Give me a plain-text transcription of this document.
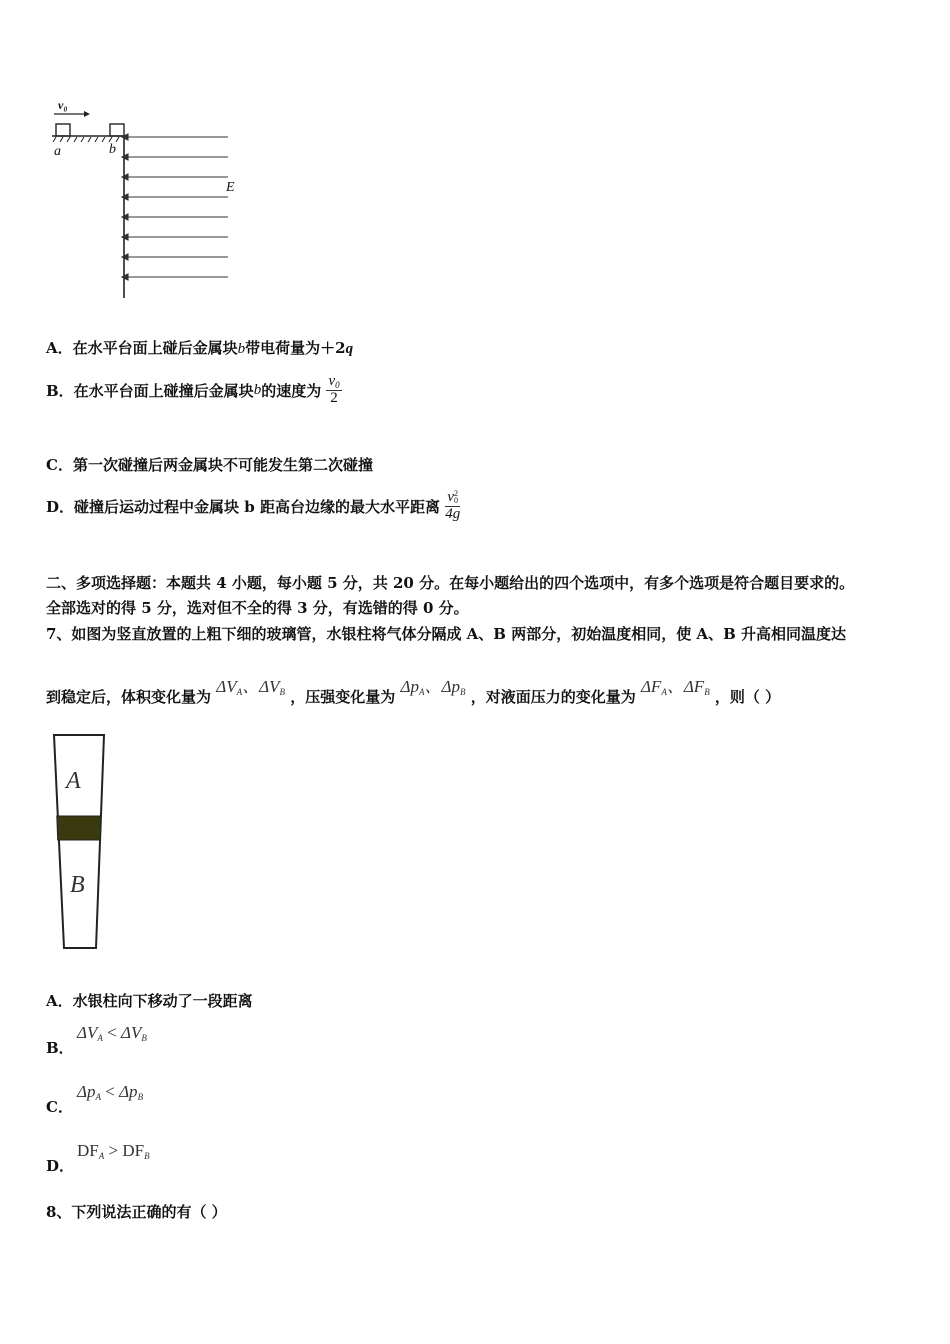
v₀
a	b
E
A．在水平台面上碰后金属块b带电荷量为＋2q
B．在水平台面上碰撞后金属块b的速度为 $\frac{v_0}{2}$
C．第一次碰撞后两金属块不可能发生第二次碰撞
D．碰撞后运动过程中金属块 b 距高台边缘的最大水平距离 v 2
0
4g
二、多项选择题：本题共 4 小题，每小题 5 分，共 20 分。在每小题给出的四个选项中，有多个选项是符合题目要求的。
全部选对的得 5 分，选对但不全的得 3 分，有选错的得 0 分。
7、如图为竖直放置的上粗下细的玻璃管，水银柱将气体分隔成 A、B 两部分，初始温度相同，使 A、B 升高相同温度达
到稳定后，体积变化量为 $\Delta V_A$、$\Delta V_B$ ，压强变化量为 $\Delta p_A$、$\Delta p_B$ ，对液面压力的变化量为 $\Delta F_A$、$\Delta F_B$ ，则（ ）
A
B
A．水银柱向下移动了一段距离
B．
$\Delta V_A < \Delta V_B$
C．
$\Delta p_A < \Delta p_B$
D．
$DF_A > DF_B$
8、下列说法正确的有（ ）
